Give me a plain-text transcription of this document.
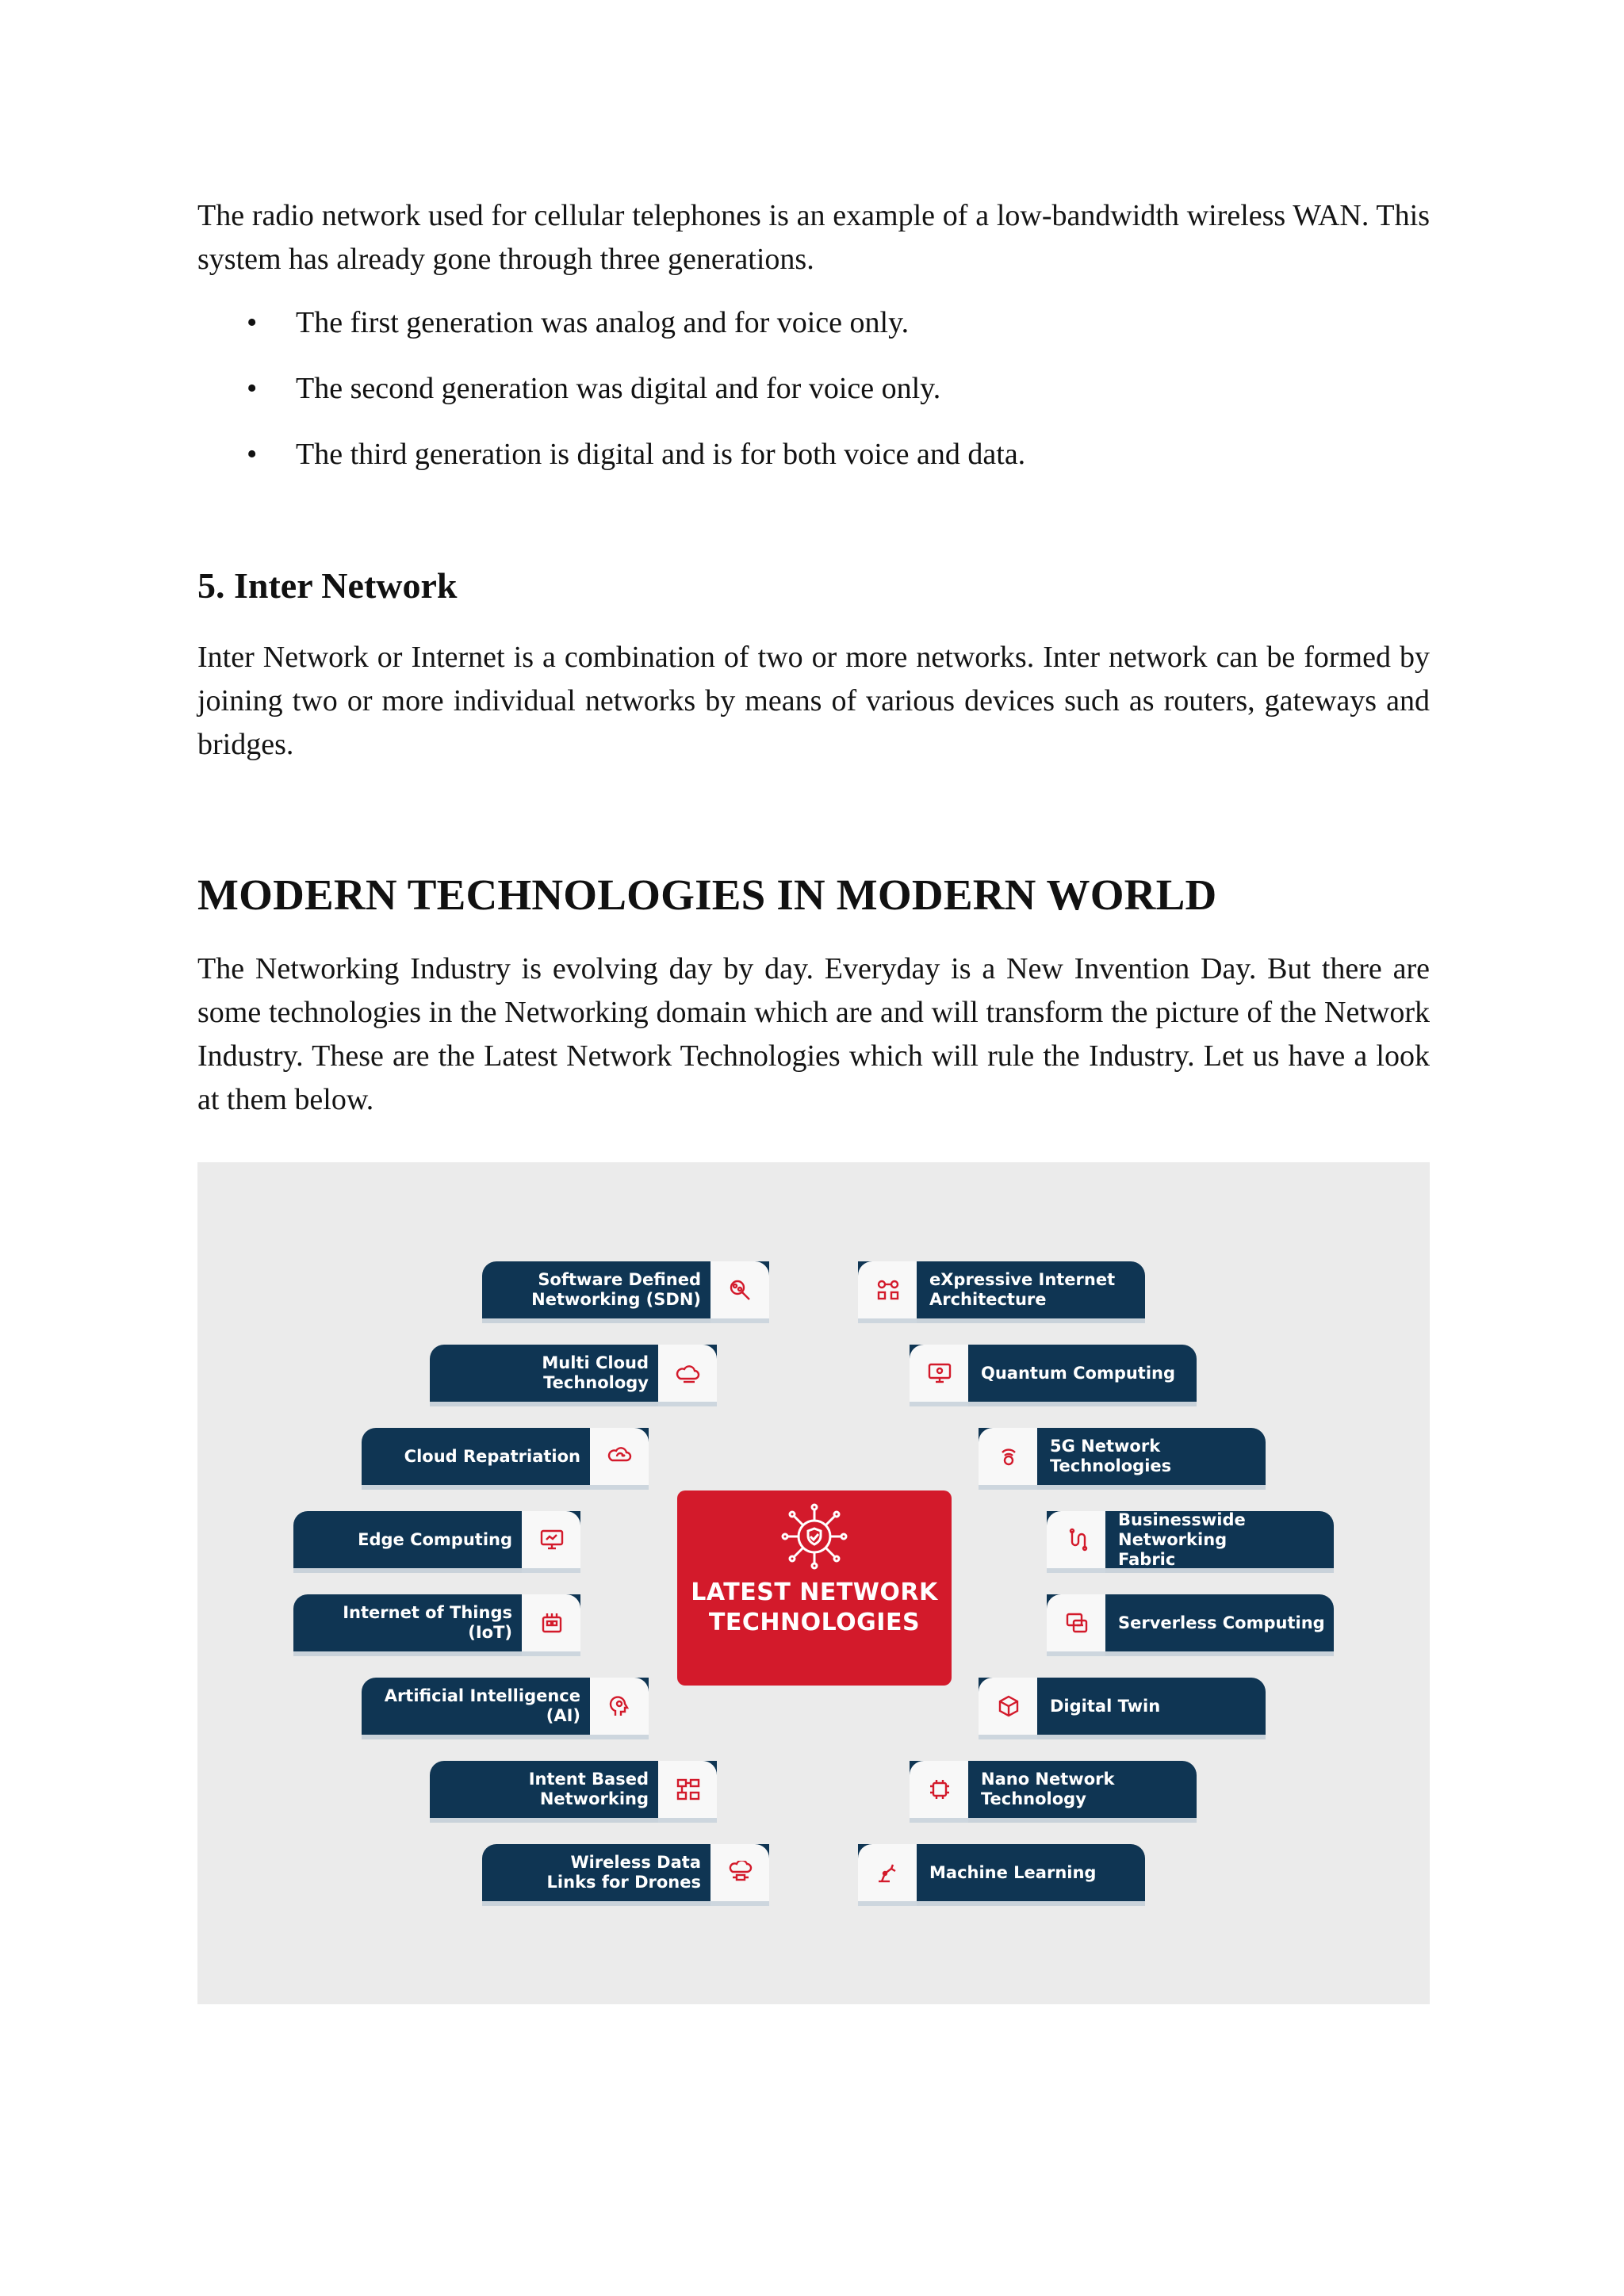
The radio network used for cellular telephones is an example of a low-bandwidth wireless WAN. This system has already gone through three generations.

• The first generation was analog and for voice only.
• The second generation was digital and for voice only.
• The third generation is digital and is for both voice and data.
5. Inter Network

Inter Network or Internet is a combination of two or more networks. Inter network can be formed by joining two or more individual networks by means of various devices such as routers, gateways and bridges.

MODERN TECHNOLOGIES IN MODERN WORLD

The Networking Industry is evolving day by day. Everyday is a New Invention Day. But there are some technologies in the Networking domain which are and will transform the picture of the Network Industry. These are the Latest Network Technologies which will rule the Industry. Let us have a look at them below.

LATEST NETWORK TECHNOLOGIES
Software Defined Networking (SDN)
Multi Cloud Technology
Cloud Repatriation
Edge Computing
Internet of Things (IoT)
Artificial Intelligence (AI)
Intent Based Networking
Wireless Data Links for Drones
eXpressive Internet Architecture
Quantum Computing
5G Network Technologies
Businesswide Networking Fabric
Serverless Computing
Digital Twin
Nano Network Technology
Machine Learning
